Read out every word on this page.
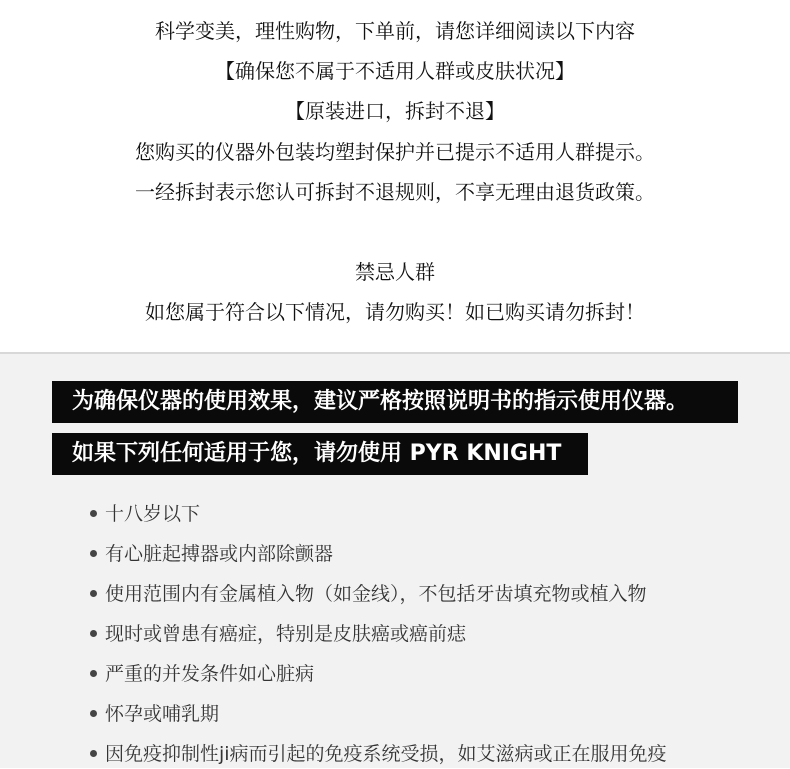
科学变美，理性购物，下单前，请您详细阅读以下内容
【确保您不属于不适用人群或皮肤状况】
【原装进口，拆封不退】
您购买的仪器外包装均塑封保护并已提示不适用人群提示。
一经拆封表示您认可拆封不退规则，不享无理由退货政策。
禁忌人群
如您属于符合以下情况，请勿购买！如已购买请勿拆封！
为确保仪器的使用效果，建议严格按照说明书的指示使用仪器。
如果下列任何适用于您，请勿使用 PYR KNIGHT
十八岁以下
有心脏起搏器或内部除颤器
使用范围内有金属植入物（如金线），不包括牙齿填充物或植入物
现时或曾患有癌症，特别是皮肤癌或癌前痣
严重的并发条件如心脏病
怀孕或哺乳期
因免疫抑制性ji病而引起的免疫系统受损，如艾滋病或正在服用免疫
